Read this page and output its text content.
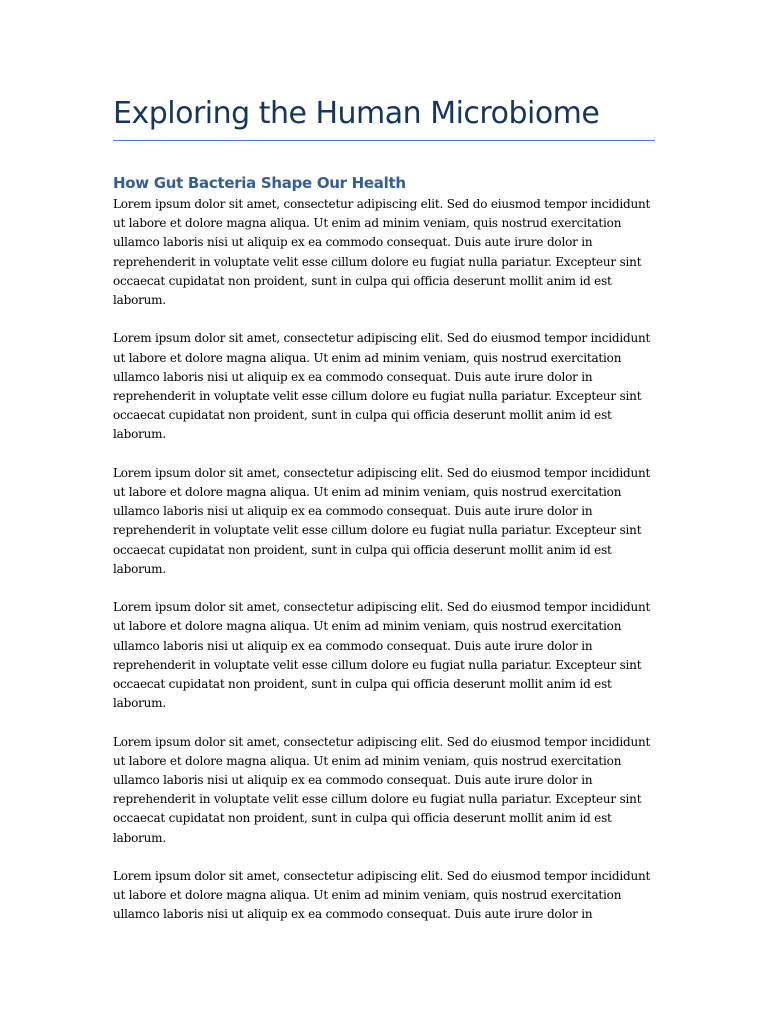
Exploring the Human Microbiome
How Gut Bacteria Shape Our Health

Lorem ipsum dolor sit amet, consectetur adipiscing elit. Sed do eiusmod tempor incididunt ut labore et dolore magna aliqua. Ut enim ad minim veniam, quis nostrud exercitation ullamco laboris nisi ut aliquip ex ea commodo consequat. Duis aute irure dolor in reprehenderit in voluptate velit esse cillum dolore eu fugiat nulla pariatur. Excepteur sint occaecat cupidatat non proident, sunt in culpa qui officia deserunt mollit anim id est laborum.

Lorem ipsum dolor sit amet, consectetur adipiscing elit. Sed do eiusmod tempor incididunt ut labore et dolore magna aliqua. Ut enim ad minim veniam, quis nostrud exercitation ullamco laboris nisi ut aliquip ex ea commodo consequat. Duis aute irure dolor in reprehenderit in voluptate velit esse cillum dolore eu fugiat nulla pariatur. Excepteur sint occaecat cupidatat non proident, sunt in culpa qui officia deserunt mollit anim id est laborum.

Lorem ipsum dolor sit amet, consectetur adipiscing elit. Sed do eiusmod tempor incididunt ut labore et dolore magna aliqua. Ut enim ad minim veniam, quis nostrud exercitation ullamco laboris nisi ut aliquip ex ea commodo consequat. Duis aute irure dolor in reprehenderit in voluptate velit esse cillum dolore eu fugiat nulla pariatur. Excepteur sint occaecat cupidatat non proident, sunt in culpa qui officia deserunt mollit anim id est laborum.

Lorem ipsum dolor sit amet, consectetur adipiscing elit. Sed do eiusmod tempor incididunt ut labore et dolore magna aliqua. Ut enim ad minim veniam, quis nostrud exercitation ullamco laboris nisi ut aliquip ex ea commodo consequat. Duis aute irure dolor in reprehenderit in voluptate velit esse cillum dolore eu fugiat nulla pariatur. Excepteur sint occaecat cupidatat non proident, sunt in culpa qui officia deserunt mollit anim id est laborum.

Lorem ipsum dolor sit amet, consectetur adipiscing elit. Sed do eiusmod tempor incididunt ut labore et dolore magna aliqua. Ut enim ad minim veniam, quis nostrud exercitation ullamco laboris nisi ut aliquip ex ea commodo consequat. Duis aute irure dolor in reprehenderit in voluptate velit esse cillum dolore eu fugiat nulla pariatur. Excepteur sint occaecat cupidatat non proident, sunt in culpa qui officia deserunt mollit anim id est laborum.

Lorem ipsum dolor sit amet, consectetur adipiscing elit. Sed do eiusmod tempor incididunt ut labore et dolore magna aliqua. Ut enim ad minim veniam, quis nostrud exercitation ullamco laboris nisi ut aliquip ex ea commodo consequat. Duis aute irure dolor in
